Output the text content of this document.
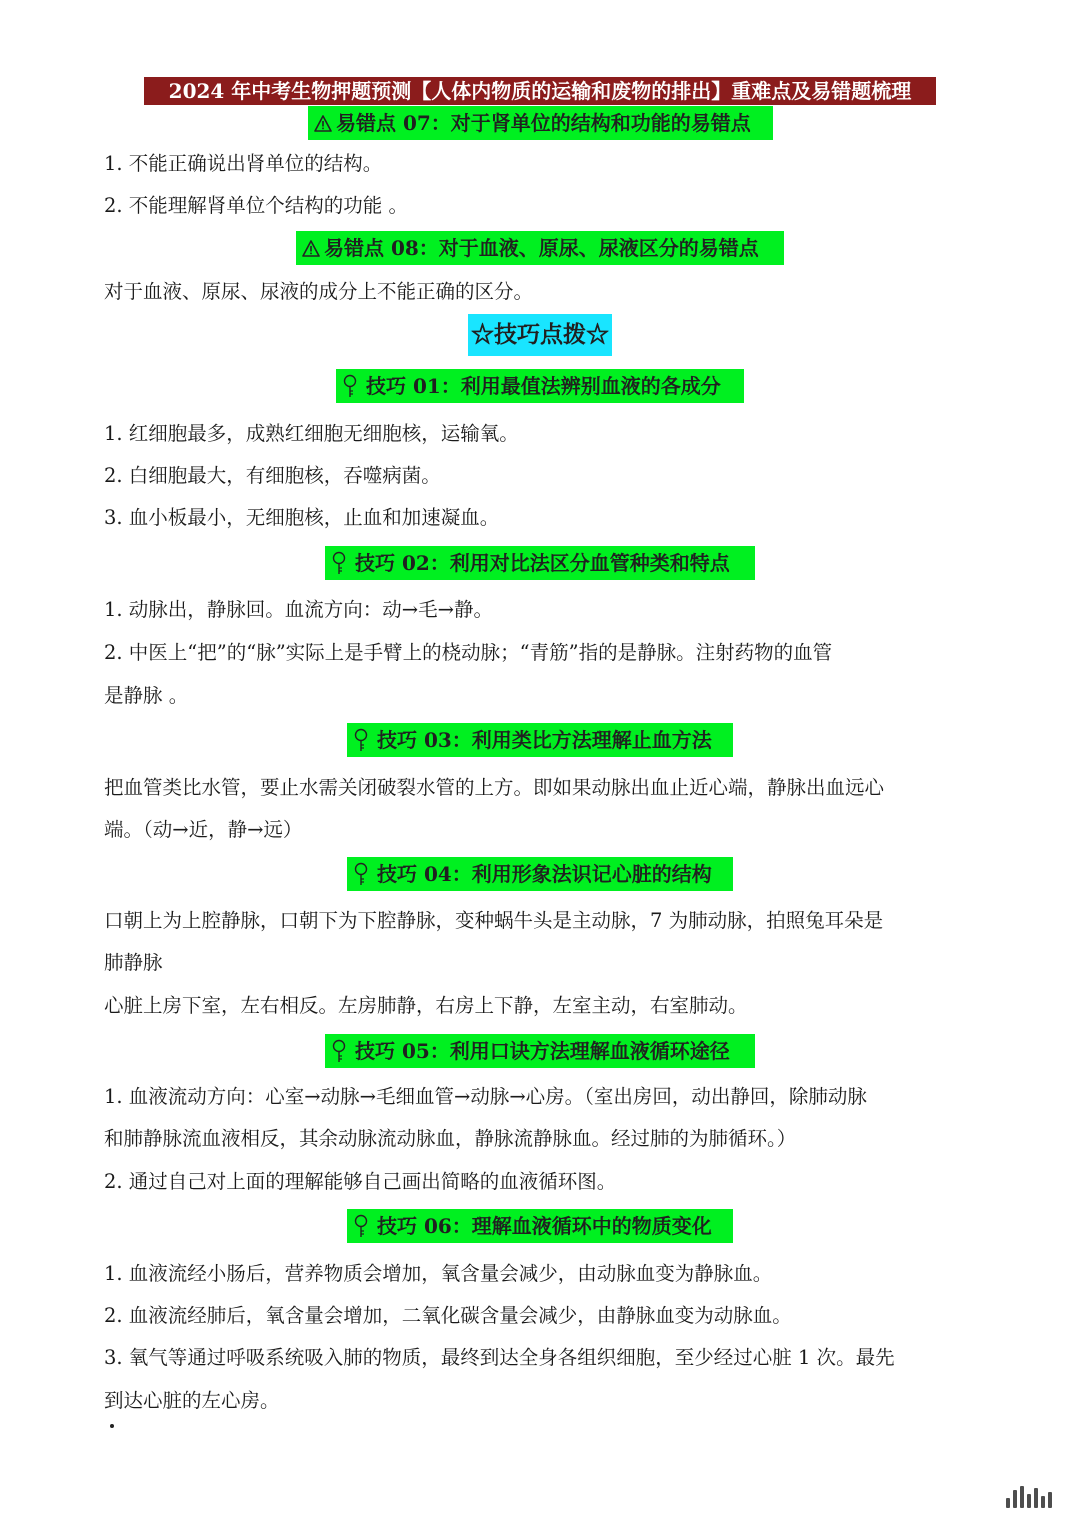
2024 年中考生物押题预测【人体内物质的运输和废物的排出】重难点及易错题梳理
易错点 07：对于肾单位的结构和功能的易错点
1. 不能正确说出肾单位的结构。
2. 不能理解肾单位个结构的功能 。
易错点 08：对于血液、原尿、尿液区分的易错点
对于血液、原尿、尿液的成分上不能正确的区分。
☆技巧点拨☆
技巧 01：利用最值法辨别血液的各成分
1. 红细胞最多，成熟红细胞无细胞核，运输氧。
2. 白细胞最大，有细胞核，吞噬病菌。
3. 血小板最小，无细胞核，止血和加速凝血。
技巧 02：利用对比法区分血管种类和特点
1. 动脉出，静脉回。血流方向：动→毛→静。
2. 中医上“把”的“脉”实际上是手臂上的桡动脉；“青筋”指的是静脉。注射药物的血管
是静脉 。
技巧 03：利用类比方法理解止血方法
把血管类比水管，要止水需关闭破裂水管的上方。即如果动脉出血止近心端，静脉出血远心
端。（动→近，静→远）
技巧 04：利用形象法识记心脏的结构
口朝上为上腔静脉，口朝下为下腔静脉，变种蜗牛头是主动脉，7 为肺动脉，拍照兔耳朵是
肺静脉
心脏上房下室，左右相反。左房肺静，右房上下静，左室主动，右室肺动。
技巧 05：利用口诀方法理解血液循环途径
1. 血液流动方向：心室→动脉→毛细血管→动脉→心房。（室出房回，动出静回，除肺动脉
和肺静脉流血液相反，其余动脉流动脉血，静脉流静脉血。经过肺的为肺循环。）
2. 通过自己对上面的理解能够自己画出简略的血液循环图。
技巧 06：理解血液循环中的物质变化
1. 血液流经小肠后，营养物质会增加，氧含量会减少，由动脉血变为静脉血。
2. 血液流经肺后，氧含量会增加，二氧化碳含量会减少，由静脉血变为动脉血。
3. 氧气等通过呼吸系统吸入肺的物质，最终到达全身各组织细胞，至少经过心脏 1 次。最先
到达心脏的左心房。
